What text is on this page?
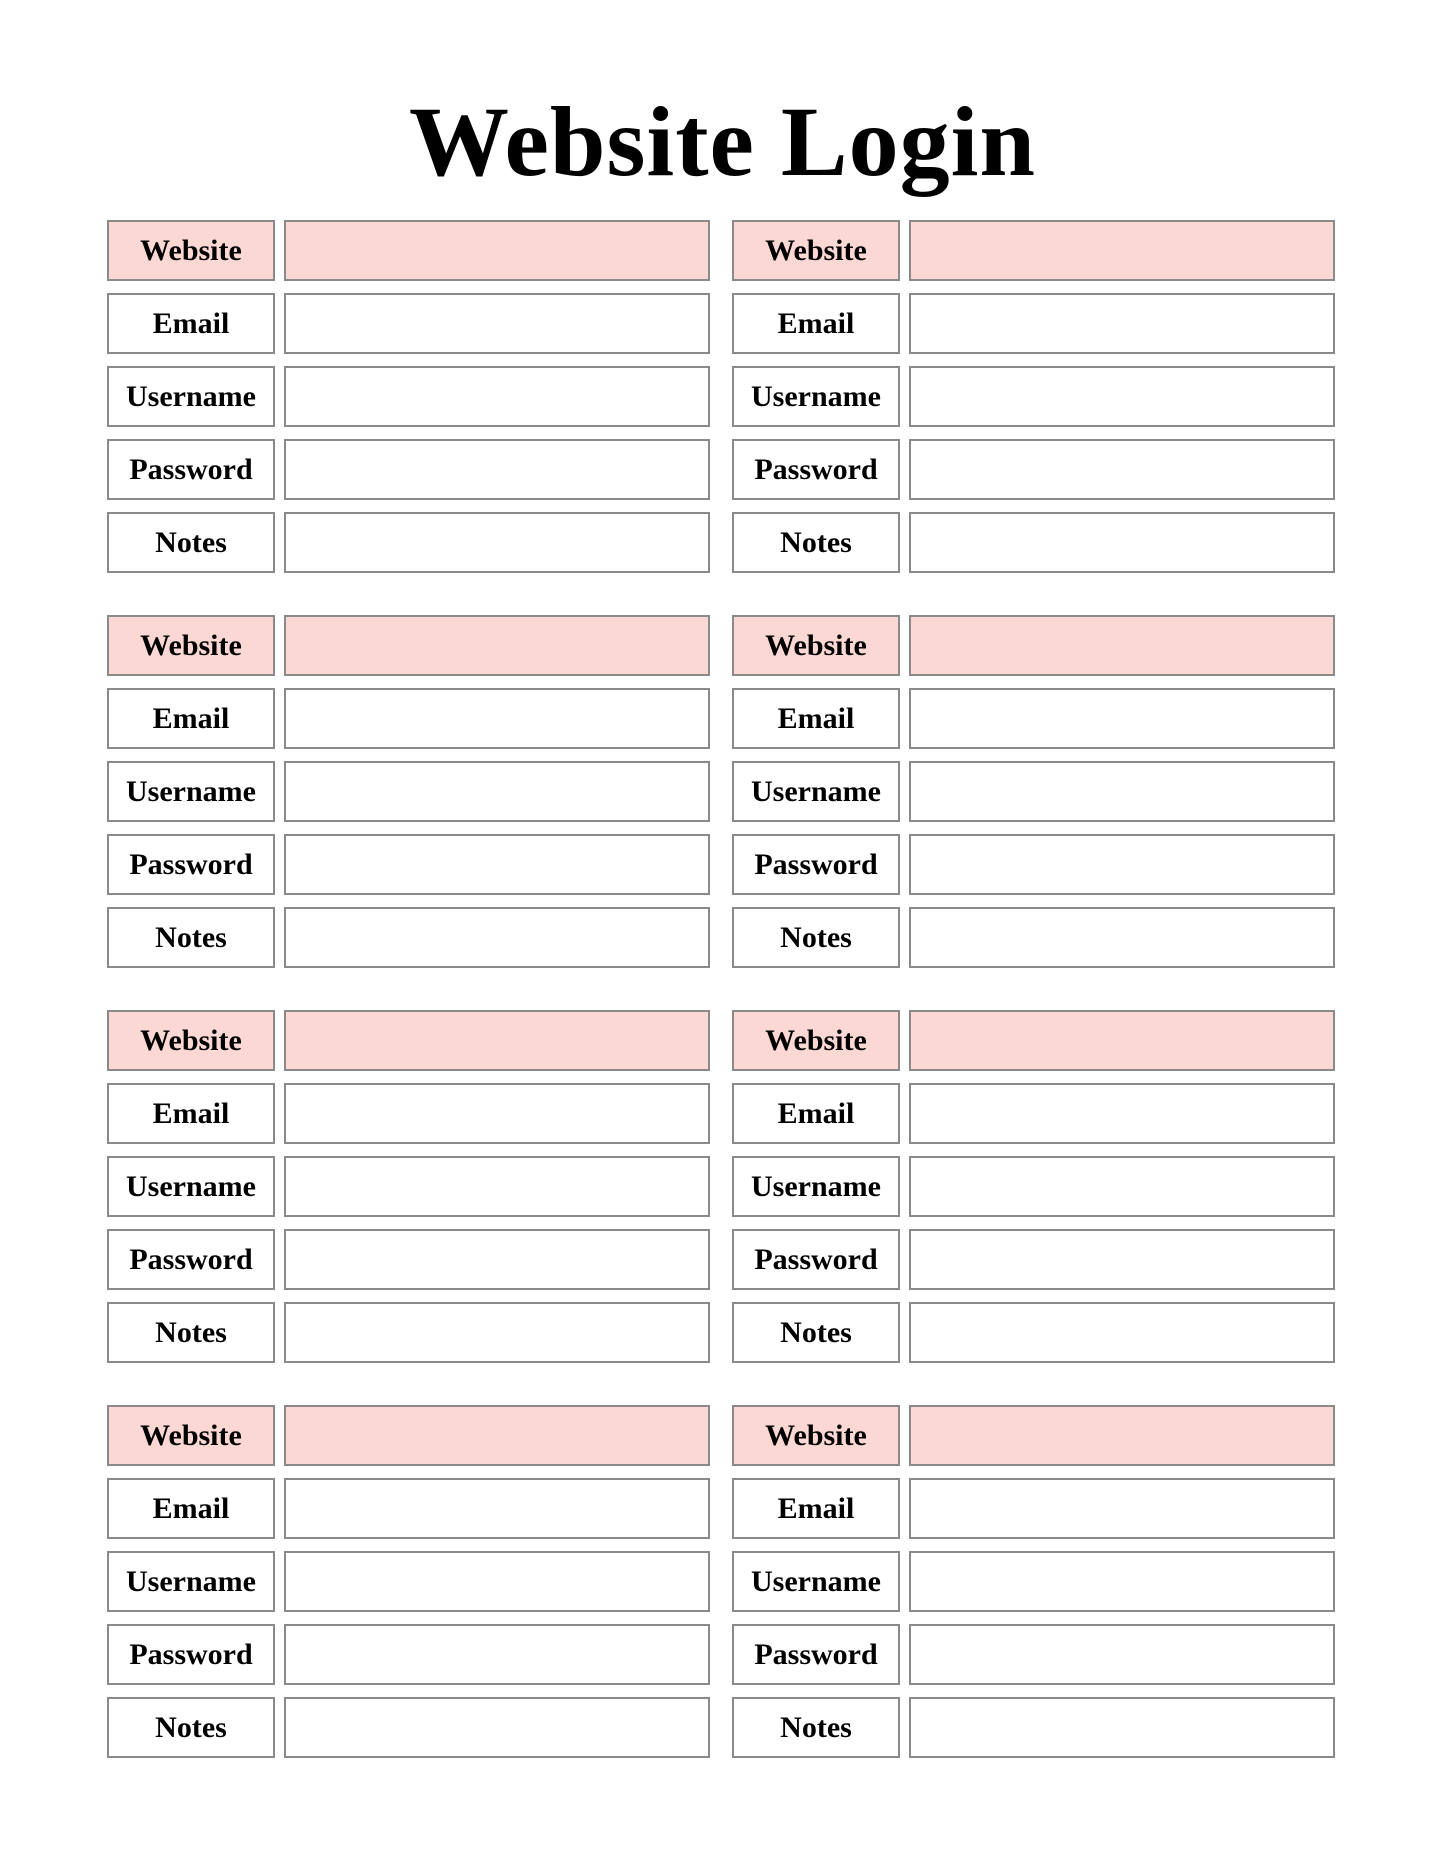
Website Login
Website
Email
Username
Password
Notes
Website
Email
Username
Password
Notes
Website
Email
Username
Password
Notes
Website
Email
Username
Password
Notes
Website
Email
Username
Password
Notes
Website
Email
Username
Password
Notes
Website
Email
Username
Password
Notes
Website
Email
Username
Password
Notes
